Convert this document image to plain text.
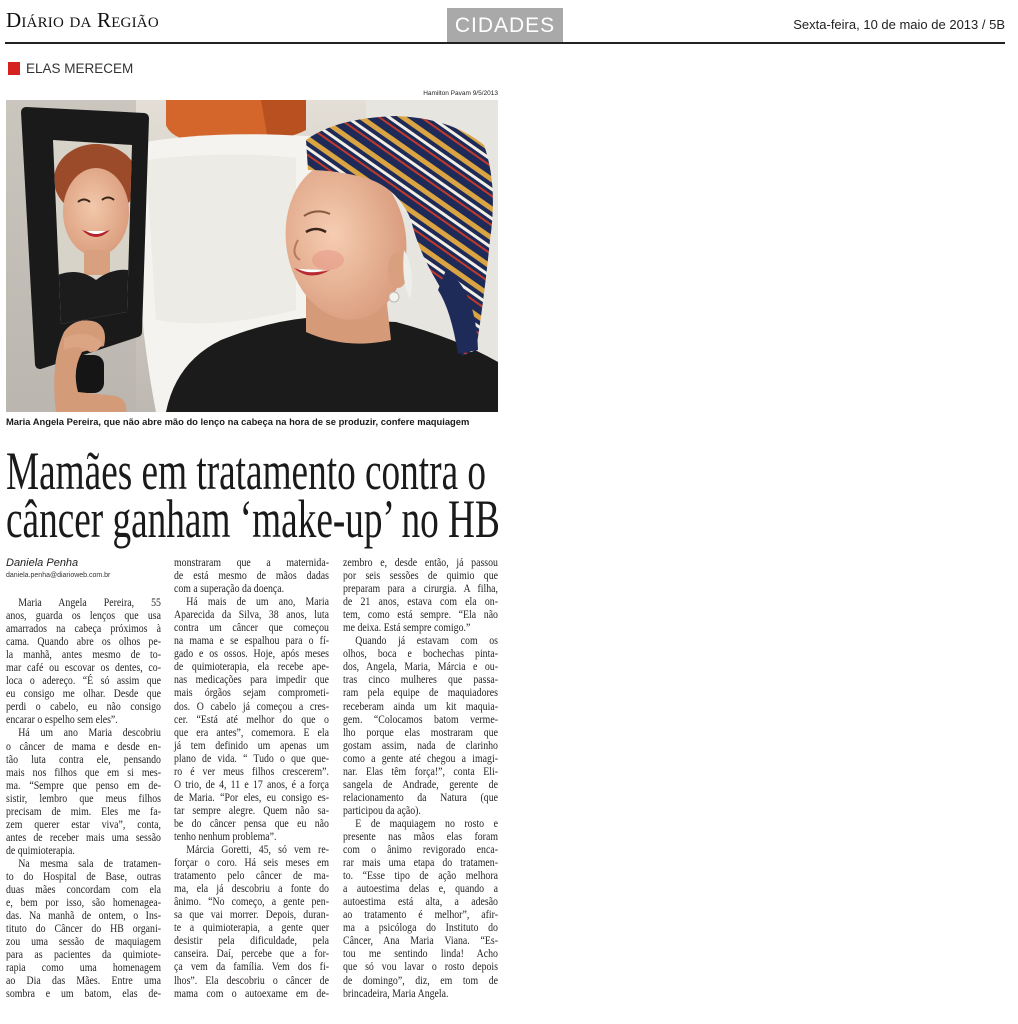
Diário da Região	CIDADES	Sexta-feira, 10 de maio de 2013 / 5B
ELAS MERECEM
Hamilton Pavam 9/5/2013
Maria Angela Pereira, que não abre mão do lenço na cabeça na hora de se produzir, confere maquiagem
Mamães em tratamento contra o
câncer ganham ‘make-up’ no HB
Daniela Penha
daniela.penha@diarioweb.com.br
Maria Angela Pereira, 55
anos, guarda os lenços que usa
amarrados na cabeça próximos à
cama. Quando abre os olhos pe-
la manhã, antes mesmo de to-
mar café ou escovar os dentes, co-
loca o adereço. “É só assim que
eu consigo me olhar. Desde que
perdi o cabelo, eu não consigo
encarar o espelho sem eles”.
Há um ano Maria descobriu
o câncer de mama e desde en-
tão luta contra ele, pensando
mais nos filhos que em si mes-
ma. “Sempre que penso em de-
sistir, lembro que meus filhos
precisam de mim. Eles me fa-
zem querer estar viva”, conta,
antes de receber mais uma sessão
de quimioterapia.
Na mesma sala de tratamen-
to do Hospital de Base, outras
duas mães concordam com ela
e, bem por isso, são homenagea-
das. Na manhã de ontem, o Ins-
tituto do Câncer do HB organi-
zou uma sessão de maquiagem
para as pacientes da quimiote-
rapia como uma homenagem
ao Dia das Mães. Entre uma
sombra e um batom, elas de-
monstraram que a maternida-
de está mesmo de mãos dadas
com a superação da doença.
Há mais de um ano, Maria
Aparecida da Silva, 38 anos, luta
contra um câncer que começou
na mama e se espalhou para o fí-
gado e os ossos. Hoje, após meses
de quimioterapia, ela recebe ape-
nas medicações para impedir que
mais órgãos sejam comprometi-
dos. O cabelo já começou a cres-
cer. “Está até melhor do que o
que era antes”, comemora. E ela
já tem definido um apenas um
plano de vida. “ Tudo o que que-
ro é ver meus filhos crescerem”.
O trio, de 4, 11 e 17 anos, é a força
de Maria. “Por eles, eu consigo es-
tar sempre alegre. Quem não sa-
be do câncer pensa que eu não
tenho nenhum problema”.
Márcia Goretti, 45, só vem re-
forçar o coro. Há seis meses em
tratamento pelo câncer de ma-
ma, ela já descobriu a fonte do
ânimo. “No começo, a gente pen-
sa que vai morrer. Depois, duran-
te a quimioterapia, a gente quer
desistir pela dificuldade, pela
canseira. Daí, percebe que a for-
ça vem da família. Vem dos fi-
lhos”. Ela descobriu o câncer de
mama com o autoexame em de-
zembro e, desde então, já passou
por seis sessões de quimio que
preparam para a cirurgia. A filha,
de 21 anos, estava com ela on-
tem, como está sempre. “Ela não
me deixa. Está sempre comigo.”
Quando já estavam com os
olhos, boca e bochechas pinta-
dos, Angela, Maria, Márcia e ou-
tras cinco mulheres que passa-
ram pela equipe de maquiadores
receberam ainda um kit maquia-
gem. “Colocamos batom verme-
lho porque elas mostraram que
gostam assim, nada de clarinho
como a gente até chegou a imagi-
nar. Elas têm força!”, conta Eli-
sangela de Andrade, gerente de
relacionamento da Natura (que
participou da ação).
E de maquiagem no rosto e
presente nas mãos elas foram
com o ânimo revigorado enca-
rar mais uma etapa do tratamen-
to. “Esse tipo de ação melhora
a autoestima delas e, quando a
autoestima está alta, a adesão
ao tratamento é melhor”, afir-
ma a psicóloga do Instituto do
Câncer, Ana Maria Viana. “Es-
tou me sentindo linda! Acho
que só vou lavar o rosto depois
de domingo”, diz, em tom de
brincadeira, Maria Angela.
